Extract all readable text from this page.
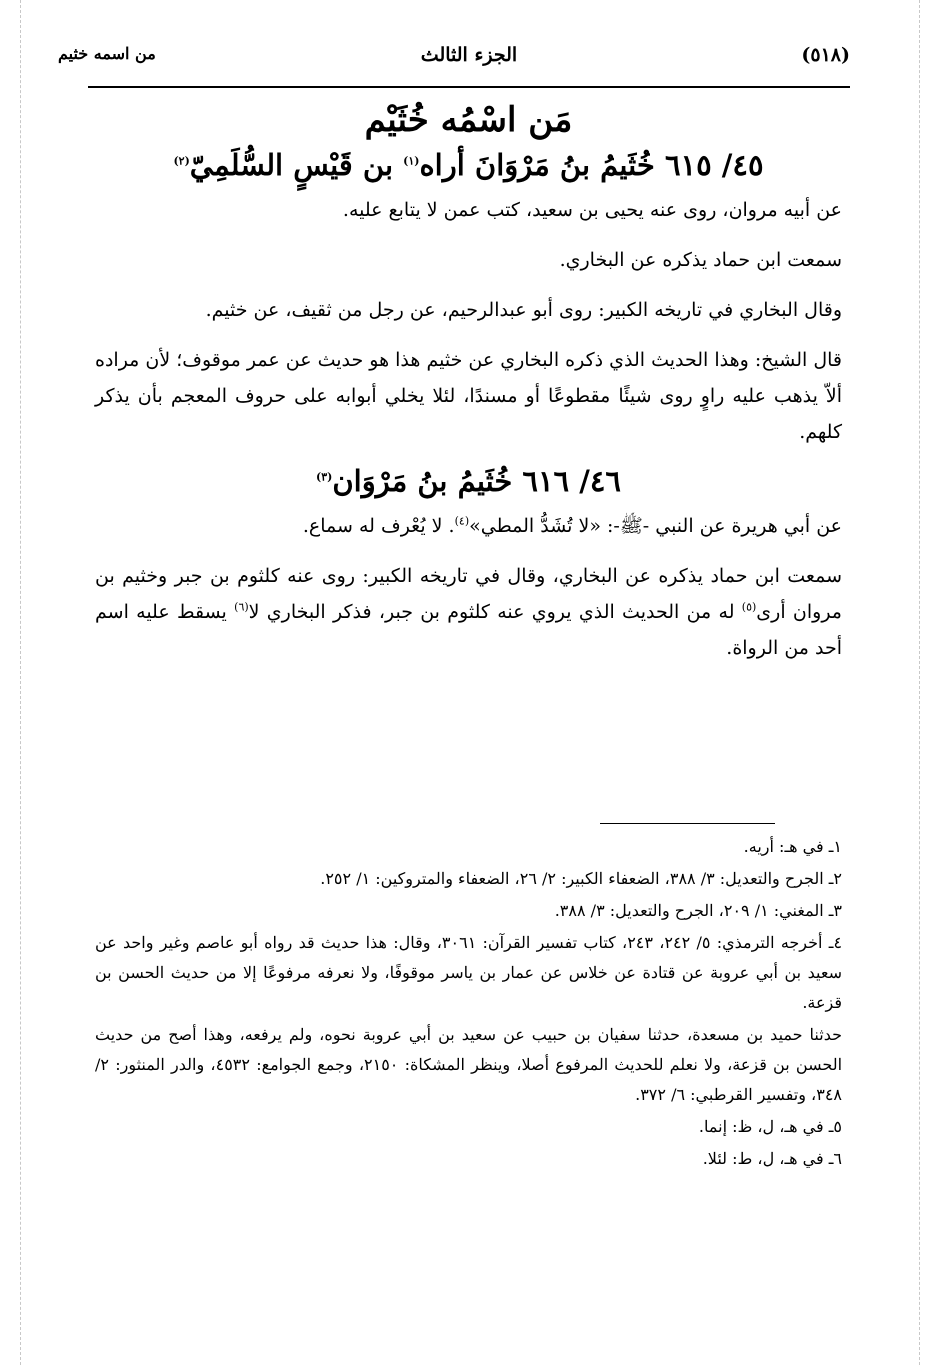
(٥١٨)
الجزء الثالث
من اسمه خثيم
مَن اسْمُه خُثَيْم
٤٥/ ٦١٥ خُثَيمُ بنُ مَرْوَانَ أراه$^{(١)}$ بن قَيْسٍ السُّلَمِيّ$^{(٢)}$

عن أبيه مروان، روى عنه يحيى بن سعيد، كتب عمن لا يتابع عليه.

سمعت ابن حماد يذكره عن البخاري.

وقال البخاري في تاريخه الكبير: روى أبو عبدالرحيم، عن رجل من ثقيف، عن خثيم.

قال الشيخ: وهذا الحديث الذي ذكره البخاري عن خثيم هذا هو حديث عن عمر موقوف؛ لأن مراده ألاّ يذهب عليه راوٍ روى شيئًا مقطوعًا أو مسندًا، لئلا يخلي أبوابه على حروف المعجم بأن يذكر كلهم.

٤٦/ ٦١٦ خُثَيمُ بنُ مَرْوَان$^{(٣)}$

عن أبي هريرة عن النبي -ﷺ-: «لا تُشَدُّ المطي»$^{(٤)}$. لا يُعْرف له سماع.

سمعت ابن حماد يذكره عن البخاري، وقال في تاريخه الكبير: روى عنه كلثوم بن جبر وخثيم بن مروان أرى$^{(٥)}$ له من الحديث الذي يروي عنه كلثوم بن جبر، فذكر البخاري لا$^{(٦)}$ يسقط عليه اسم أحد من الرواة.

١ـ في هـ: أريه.

٢ـ الجرح والتعديل: ٣/ ٣٨٨، الضعفاء الكبير: ٢/ ٢٦، الضعفاء والمتروكين: ١/ ٢٥٢.

٣ـ المغني: ١/ ٢٠٩، الجرح والتعديل: ٣/ ٣٨٨.

٤ـ أخرجه الترمذي: ٥/ ٢٤٢، ٢٤٣، كتاب تفسير القرآن: ٣٠٦١، وقال: هذا حديث قد رواه أبو عاصم وغير واحد عن سعيد بن أبي عروبة عن قتادة عن خلاس عن عمار بن ياسر موقوفًا، ولا نعرفه مرفوعًا إلا من حديث الحسن بن قزعة.

حدثنا حميد بن مسعدة، حدثنا سفيان بن حبيب عن سعيد بن أبي عروبة نحوه، ولم يرفعه، وهذا أصح من حديث الحسن بن قزعة، ولا نعلم للحديث المرفوع أصلا، وينظر المشكاة: ٢١٥٠، وجمع الجوامع: ٤٥٣٢، والدر المنثور: ٢/ ٣٤٨، وتفسير القرطبي: ٦/ ٣٧٢.

٥ـ في هـ، ل، ظ: إنما.

٦ـ في هـ، ل، ط: لئلا.
